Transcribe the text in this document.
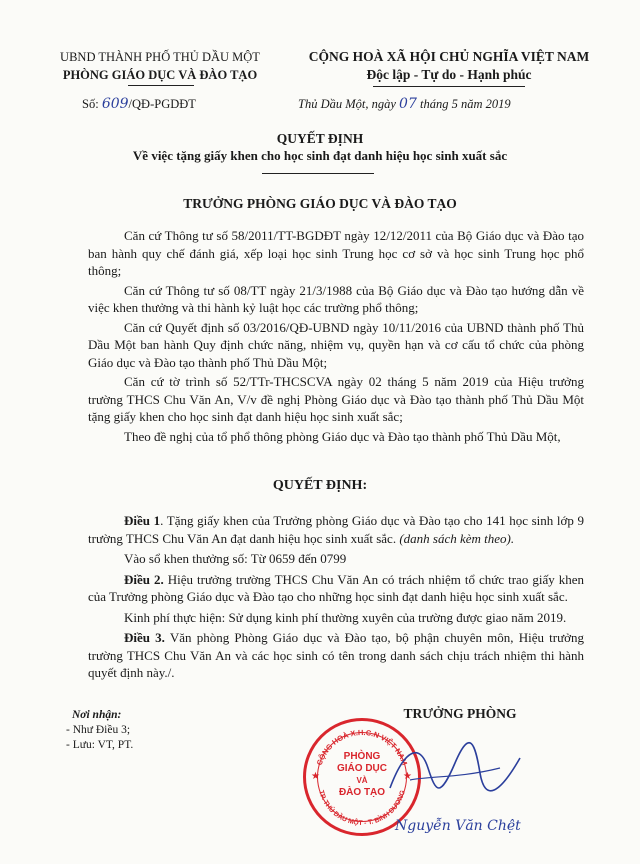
UBND THÀNH PHỐ THỦ DẦU MỘT
PHÒNG GIÁO DỤC VÀ ĐÀO TẠO
Số: 609/QĐ-PGDĐT
CỘNG HOÀ XÃ HỘI CHỦ NGHĨA VIỆT NAM
Độc lập - Tự do - Hạnh phúc
Thủ Dầu Một, ngày 07 tháng 5 năm 2019
QUYẾT ĐỊNH
Về việc tặng giấy khen cho học sinh đạt danh hiệu học sinh xuất sắc
TRƯỞNG PHÒNG GIÁO DỤC VÀ ĐÀO TẠO

Căn cứ Thông tư số 58/2011/TT-BGDĐT ngày 12/12/2011 của Bộ Giáo dục và Đào tạo ban hành quy chế đánh giá, xếp loại học sinh Trung học cơ sở và học sinh Trung học phổ thông;

Căn cứ Thông tư số 08/TT ngày 21/3/1988 của Bộ Giáo dục và Đào tạo hướng dẫn về việc khen thưởng và thi hành kỷ luật học các trường phổ thông;

Căn cứ Quyết định số 03/2016/QĐ-UBND ngày 10/11/2016 của UBND thành phố Thủ Dầu Một ban hành Quy định chức năng, nhiệm vụ, quyền hạn và cơ cấu tổ chức của phòng Giáo dục và Đào tạo thành phố Thủ Dầu Một;

Căn cứ tờ trình số 52/TTr-THCSCVA ngày 02 tháng 5 năm 2019 của Hiệu trưởng trường THCS Chu Văn An, V/v đề nghị Phòng Giáo dục và Đào tạo thành phố Thủ Dầu Một tặng giấy khen cho học sinh đạt danh hiệu học sinh xuất sắc;

Theo đề nghị của tổ phổ thông phòng Giáo dục và Đào tạo thành phố Thủ Dầu Một,

QUYẾT ĐỊNH:

Điều 1. Tặng giấy khen của Trưởng phòng Giáo dục và Đào tạo cho 141 học sinh lớp 9 trường THCS Chu Văn An đạt danh hiệu học sinh xuất sắc. (danh sách kèm theo).

Vào sổ khen thưởng số: Từ 0659 đến 0799

Điều 2. Hiệu trưởng trường THCS Chu Văn An có trách nhiệm tổ chức trao giấy khen của Trưởng phòng Giáo dục và Đào tạo cho những học sinh đạt danh hiệu học sinh xuất sắc.

Kinh phí thực hiện: Sử dụng kinh phí thường xuyên của trường được giao năm 2019.

Điều 3. Văn phòng Phòng Giáo dục và Đào tạo, bộ phận chuyên môn, Hiệu trưởng trường THCS Chu Văn An và các học sinh có tên trong danh sách chịu trách nhiệm thi hành quyết định này./.

Nơi nhận:
- Như Điều 3;
- Lưu: VT, PT.
TRƯỞNG PHÒNG
CỘNG HOÀ X.H.C.N VIỆT NAM
TP. THỦ DẦU MỘT - T. BÌNH DƯƠNG
PHÒNG
GIÁO DỤC
VÀ
ĐÀO TẠO
★	★
Nguyễn Văn Chệt
